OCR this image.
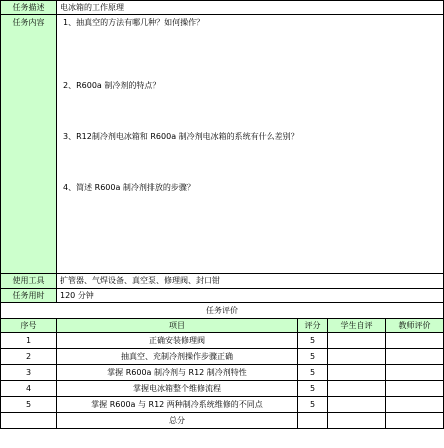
任务描述	电冰箱的工作原理			
任务内容	1、抽真空的方法有哪几种？如何操作？
2、R600a 制冷剂的特点？
3、R12制冷剂电冰箱和 R600a 制冷剂电冰箱的系统有什么差别？
4、简述 R600a 制冷剂排放的步骤？			

使用工具	扩管器、气焊设备、真空泵、修理阀、封口钳			
任务用时	120 分钟			
任务评价				
序号	项目	评分	学生自评	教师评价
1	正确安装修理阀	5		
2	抽真空、充制冷剂操作步骤正确	5		
3	掌握 R600a 制冷剂与 R12 制冷剂特性	5		
4	掌握电冰箱整个维修流程	5		
5	掌握 R600a 与 R12 两种制冷系统维修的不同点	5		
	总分			
